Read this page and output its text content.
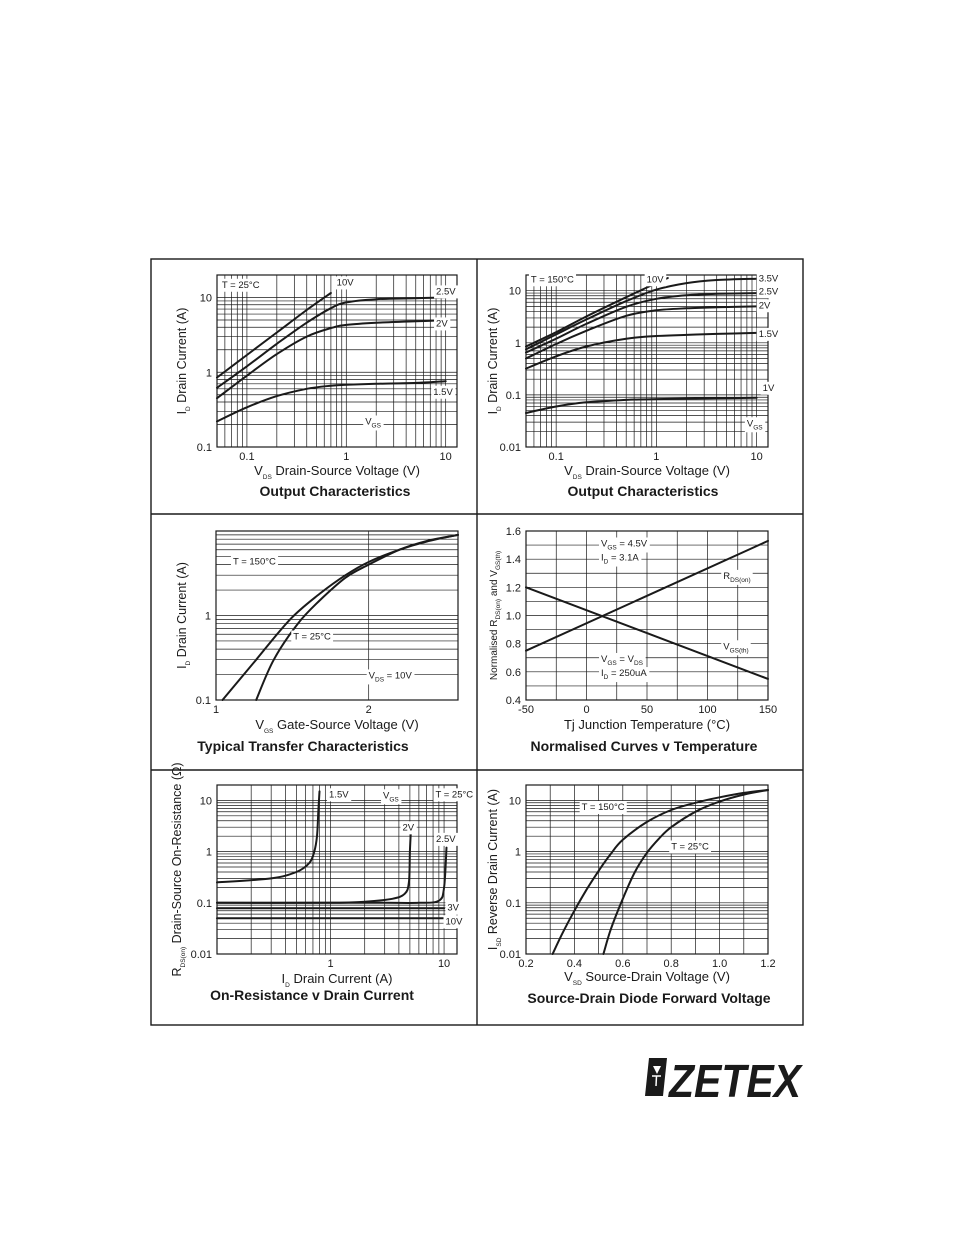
0.1	1	10
0.1
1
10
10V
2.5V
2V
1.5V
T = 25°C
$V_{GS}$
$V_{DS}$ Drain-Source Voltage (V)
$I_D$ Drain Current (A)
Output Characteristics
0.1	1	10
0.01
0.1
1
10
10V	3.5V
2.5V
2V
1.5V
1V
T = 150°C
$V_{GS}$
$V_{DS}$ Drain-Source Voltage (V)
$I_D$ Drain Current (A)
Output Characteristics
1	2
0.1
1
T = 150°C
T = 25°C
$V_{DS} = 10V$
$V_{GS}$ Gate-Source Voltage (V)
$I_D$ Drain Current (A)
Typical Transfer Characteristics
-50	0	50	100	150
0.4
0.6
0.8
1.0
1.2
1.4
1.6
$R_{DS(on)}$
$V_{GS(th)}$
$V_{GS} = 4.5V$
$I_D = 3.1A$
$V_{GS} = V_{DS}$
$I_D = 250uA$
Tj Junction Temperature (°C)
Normalised $R_{DS(on)}$ and $V_{GS(th)}$
Normalised Curves v Temperature
1	10
0.01
0.1
1
10
1.5V
2V
2.5V
3V
10V
$V_{GS}$	T = 25°C
$I_D$ Drain Current (A)
$R_{DS(on)}$ Drain-Source On-Resistance (Ω)
On-Resistance v Drain Current
0.2	0.4	0.6	0.8	1.0	1.2
0.01
0.1
1
10
T = 150°C
T = 25°C
$V_{SD}$ Source-Drain Voltage (V)
$I_{SD}$ Reverse Drain Current (A)
Source-Drain Diode Forward Voltage
ZETEX
